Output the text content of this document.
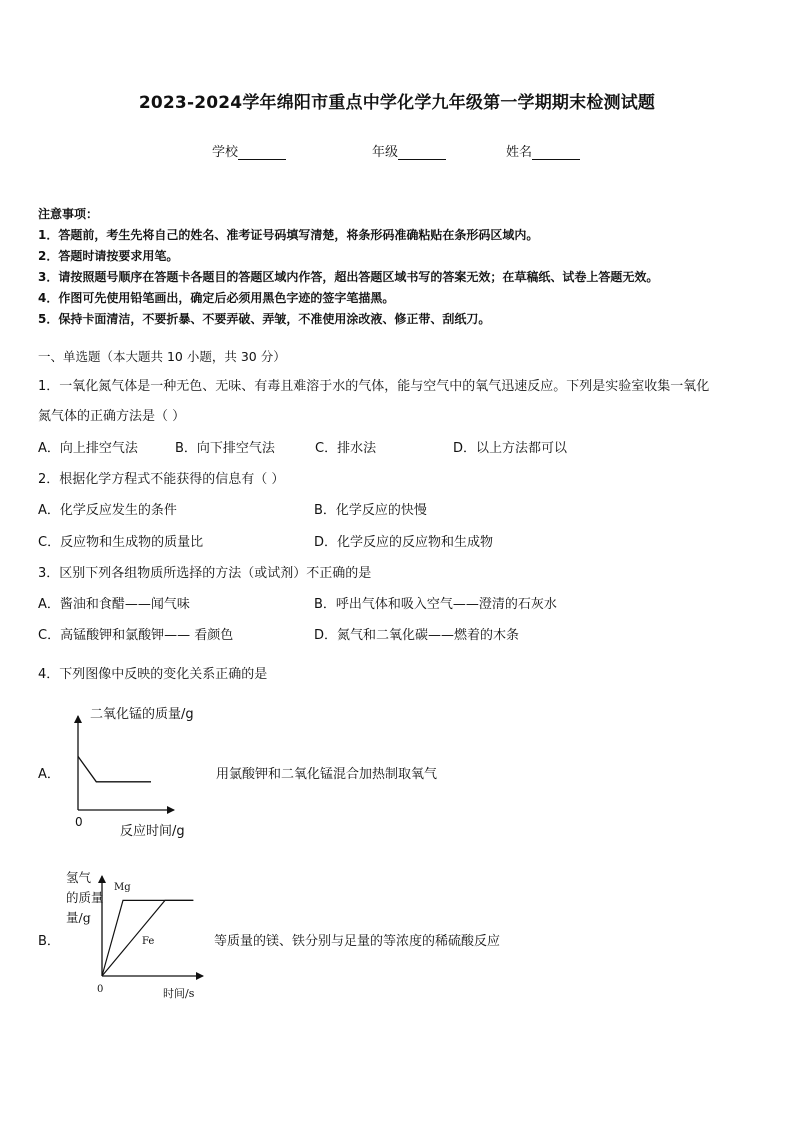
2023-2024学年绵阳市重点中学化学九年级第一学期期末检测试题
学校	年级	姓名
注意事项：
1．答题前，考生先将自己的姓名、准考证号码填写清楚，将条形码准确粘贴在条形码区域内。
2．答题时请按要求用笔。
3．请按照题号顺序在答题卡各题目的答题区域内作答，超出答题区域书写的答案无效；在草稿纸、试卷上答题无效。
4．作图可先使用铅笔画出，确定后必须用黑色字迹的签字笔描黑。
5．保持卡面清洁，不要折暴、不要弄破、弄皱，不准使用涂改液、修正带、刮纸刀。
一、单选题（本大题共 10 小题，共 30 分）
1．一氧化氮气体是一种无色、无味、有毒且难溶于水的气体，能与空气中的氧气迅速反应。下列是实验室收集一氧化
氮气体的正确方法是（ ）
A．向上排空气法	B．向下排空气法	C．排水法	D．以上方法都可以
2．根据化学方程式不能获得的信息有（ ）
A．化学反应发生的条件	B．化学反应的快慢
C．反应物和生成物的质量比	D．化学反应的反应物和生成物
3．区别下列各组物质所选择的方法（或试剂）不正确的是
A．酱油和食醋——闻气味	B．呼出气体和吸入空气——澄清的石灰水
C．高锰酸钾和氯酸钾—— 看颜色	D．氮气和二氧化碳——燃着的木条
4．下列图像中反映的变化关系正确的是
A．
二氧化锰的质量/g
0
反应时间/g
用氯酸钾和二氧化锰混合加热制取氧气
B．
氢气
的质量
量/g
0	时间/s
Mg
Fe	等质量的镁、铁分别与足量的等浓度的稀硫酸反应
